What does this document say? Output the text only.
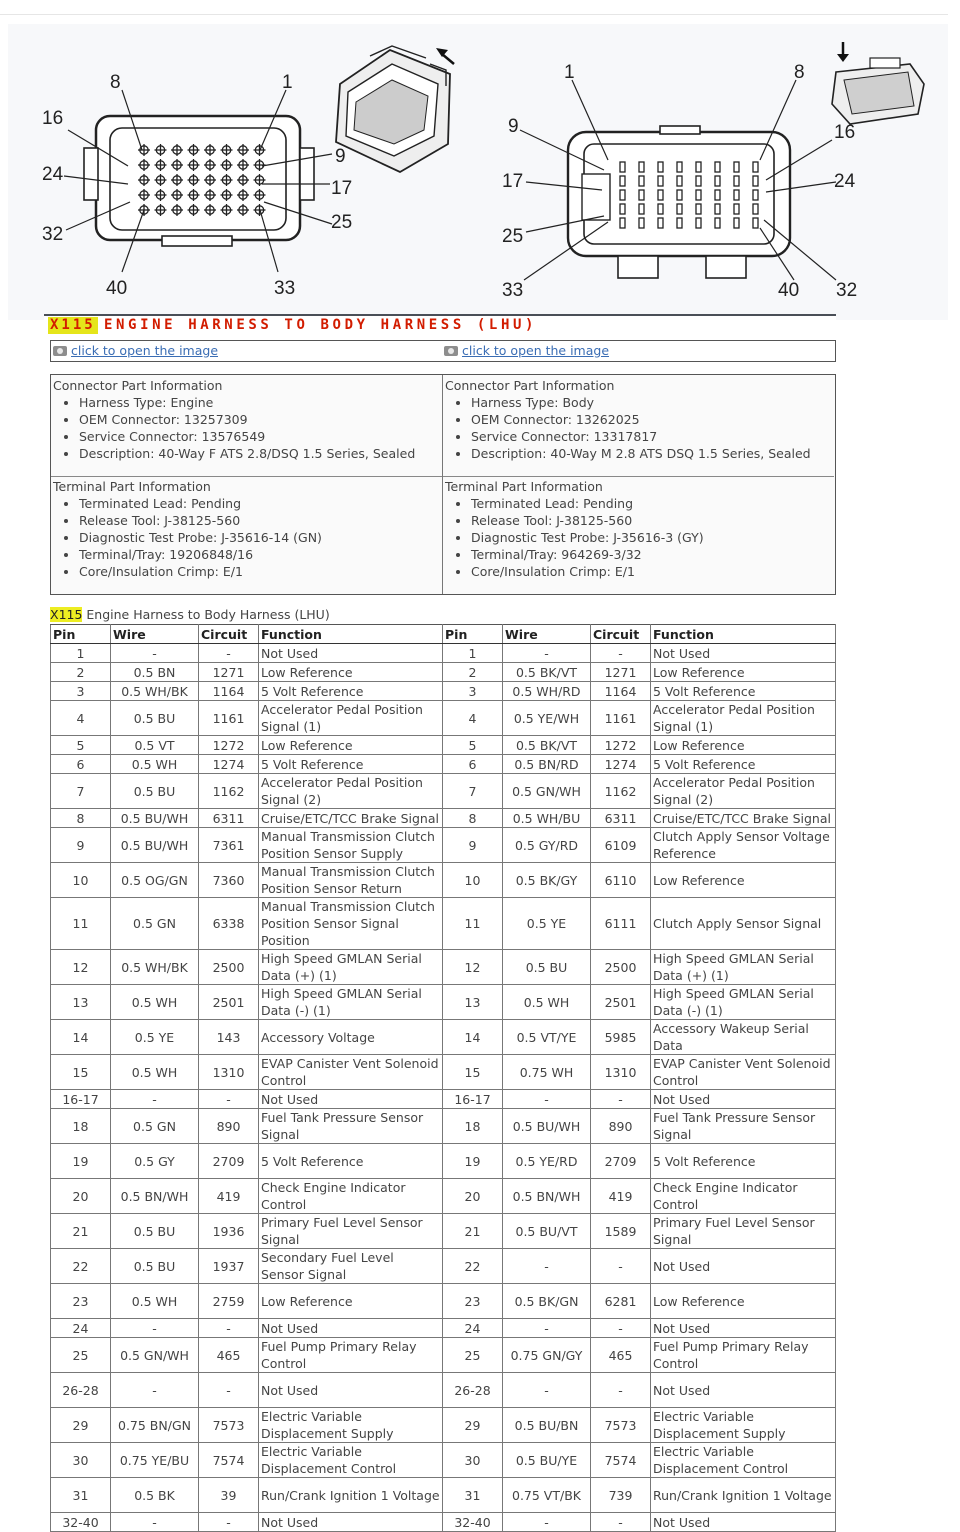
8	1
16
9
24
17
32
25
40	33
1	8
9	16
17	24
25
33	40 32
X115 ENGINE HARNESS TO BODY HARNESS (LHU)
click to open the image	click to open the image
Connector Part Information
• Harness Type: Engine
• OEM Connector: 13257309
• Service Connector: 13576549
• Description: 40-Way F ATS 2.8/DSQ 1.5 Series, Sealed
Terminal Part Information
• Terminated Lead: Pending
• Release Tool: J-38125-560
• Diagnostic Test Probe: J-35616-14 (GN)
• Terminal/Tray: 19206848/16
• Core/Insulation Crimp: E/1
Connector Part Information
• Harness Type: Body
• OEM Connector: 13262025
• Service Connector: 13317817
• Description: 40-Way M 2.8 ATS DSQ 1.5 Series, Sealed
Terminal Part Information
• Terminated Lead: Pending
• Release Tool: J-38125-560
• Diagnostic Test Probe: J-35616-3 (GY)
• Terminal/Tray: 964269-3/32
• Core/Insulation Crimp: E/1
X115 Engine Harness to Body Harness (LHU)
Pin	Wire	Circuit	Function	Pin	Wire	Circuit	Function
1	-	-	Not Used	1	-	-	Not Used
2	0.5 BN	1271	Low Reference	2	0.5 BK/VT	1271	Low Reference
3	0.5 WH/BK	1164	5 Volt Reference	3	0.5 WH/RD	1164	5 Volt Reference
4	0.5 BU	1161	Accelerator Pedal Position Signal (1)	4	0.5 YE/WH	1161	Accelerator Pedal Position Signal (1)
5	0.5 VT	1272	Low Reference	5	0.5 BK/VT	1272	Low Reference
6	0.5 WH	1274	5 Volt Reference	6	0.5 BN/RD	1274	5 Volt Reference
7	0.5 BU	1162	Accelerator Pedal Position Signal (2)	7	0.5 GN/WH	1162	Accelerator Pedal Position Signal (2)
8	0.5 BU/WH	6311	Cruise/ETC/TCC Brake Signal	8	0.5 WH/BU	6311	Cruise/ETC/TCC Brake Signal
9	0.5 BU/WH	7361	Manual Transmission Clutch Position Sensor Supply	9	0.5 GY/RD	6109	Clutch Apply Sensor Voltage Reference
10	0.5 OG/GN	7360	Manual Transmission Clutch Position Sensor Return	10	0.5 BK/GY	6110	Low Reference
11	0.5 GN	6338	Manual Transmission Clutch Position Sensor Signal Position	11	0.5 YE	6111	Clutch Apply Sensor Signal
12	0.5 WH/BK	2500	High Speed GMLAN Serial Data (+) (1)	12	0.5 BU	2500	High Speed GMLAN Serial Data (+) (1)
13	0.5 WH	2501	High Speed GMLAN Serial Data (-) (1)	13	0.5 WH	2501	High Speed GMLAN Serial Data (-) (1)
14	0.5 YE	143	Accessory Voltage	14	0.5 VT/YE	5985	Accessory Wakeup Serial Data
15	0.5 WH	1310	EVAP Canister Vent Solenoid Control	15	0.75 WH	1310	EVAP Canister Vent Solenoid Control
16-17	-	-	Not Used	16-17	-	-	Not Used
18	0.5 GN	890	Fuel Tank Pressure Sensor Signal	18	0.5 BU/WH	890	Fuel Tank Pressure Sensor Signal
19	0.5 GY	2709	5 Volt Reference	19	0.5 YE/RD	2709	5 Volt Reference
20	0.5 BN/WH	419	Check Engine Indicator Control	20	0.5 BN/WH	419	Check Engine Indicator Control
21	0.5 BU	1936	Primary Fuel Level Sensor Signal	21	0.5 BU/VT	1589	Primary Fuel Level Sensor Signal
22	0.5 BU	1937	Secondary Fuel Level Sensor Signal	22	-	-	Not Used
23	0.5 WH	2759	Low Reference	23	0.5 BK/GN	6281	Low Reference
24	-	-	Not Used	24	-	-	Not Used
25	0.5 GN/WH	465	Fuel Pump Primary Relay Control	25	0.75 GN/GY	465	Fuel Pump Primary Relay Control
26-28	-	-	Not Used	26-28	-	-	Not Used
29	0.75 BN/GN	7573	Electric Variable Displacement Supply	29	0.5 BU/BN	7573	Electric Variable Displacement Supply
30	0.75 YE/BU	7574	Electric Variable Displacement Control	30	0.5 BU/YE	7574	Electric Variable Displacement Control
31	0.5 BK	39	Run/Crank Ignition 1 Voltage	31	0.75 VT/BK	739	Run/Crank Ignition 1 Voltage
32-40	-	-	Not Used	32-40	-	-	Not Used
